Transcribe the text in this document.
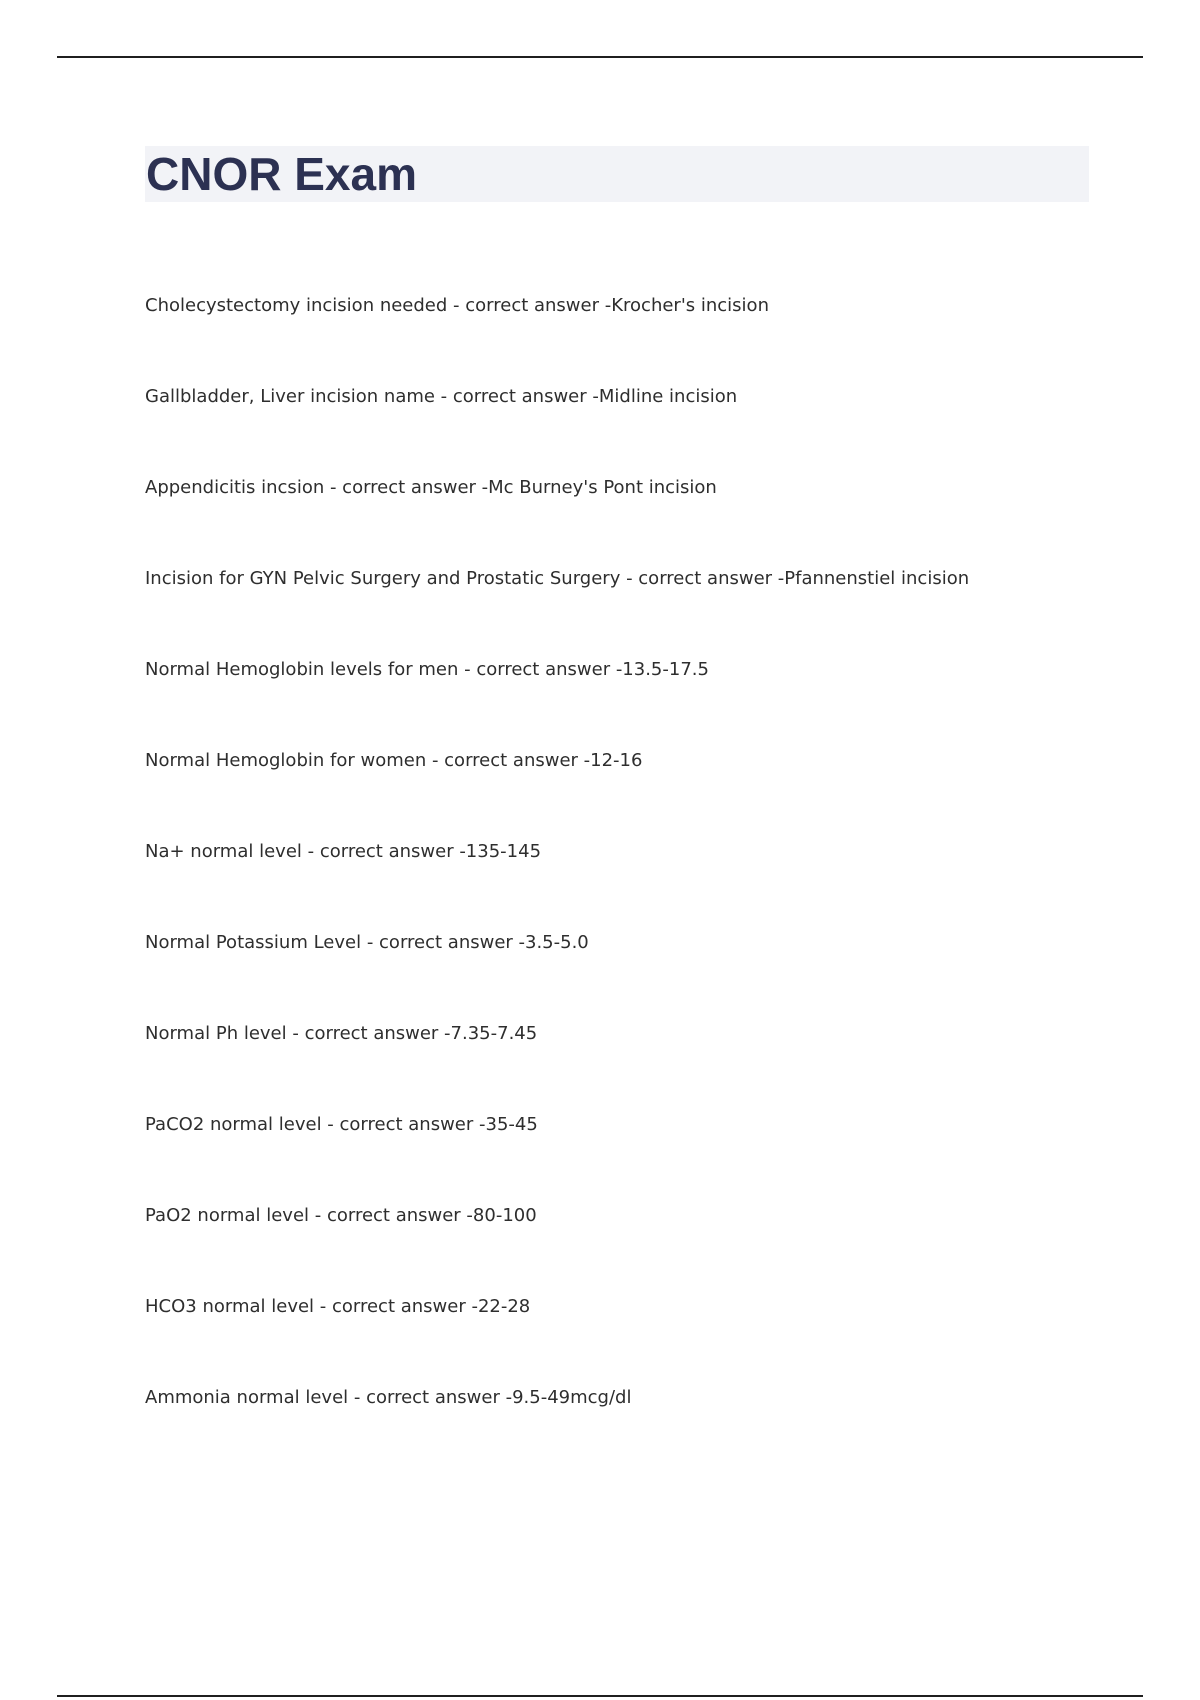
CNOR Exam
Cholecystectomy incision needed - correct answer -Krocher's incision
Gallbladder, Liver incision name - correct answer -Midline incision
Appendicitis incsion - correct answer -Mc Burney's Pont incision
Incision for GYN Pelvic Surgery and Prostatic Surgery - correct answer -Pfannenstiel incision
Normal Hemoglobin levels for men - correct answer -13.5-17.5
Normal Hemoglobin for women - correct answer -12-16
Na+ normal level - correct answer -135-145
Normal Potassium Level - correct answer -3.5-5.0
Normal Ph level - correct answer -7.35-7.45
PaCO2 normal level - correct answer -35-45
PaO2 normal level - correct answer -80-100
HCO3 normal level - correct answer -22-28
Ammonia normal level - correct answer -9.5-49mcg/dl
